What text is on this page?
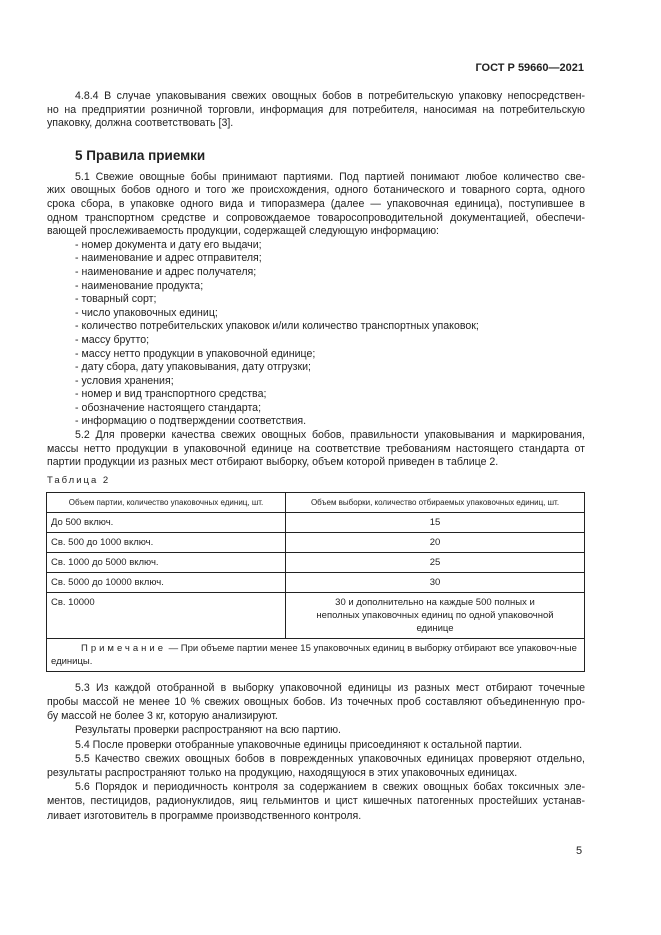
ГОСТ Р 59660—2021
4.8.4 В случае упаковывания свежих овощных бобов в потребительскую упаковку непосредствен-
но на предприятии розничной торговли, информация для потребителя, наносимая на потребительскую
упаковку, должна соответствовать [3].
5 Правила приемки
5.1 Свежие овощные бобы принимают партиями. Под партией понимают любое количество све-
жих овощных бобов одного и того же происхождения, одного ботанического и товарного сорта, одного
срока сбора, в упаковке одного вида и типоразмера (далее — упаковочная единица), поступившее в
одном транспортном средстве и сопровождаемое товаросопроводительной документацией, обеспечи-
вающей прослеживаемость продукции, содержащей следующую информацию:
- номер документа и дату его выдачи;
- наименование и адрес отправителя;
- наименование и адрес получателя;
- наименование продукта;
- товарный сорт;
- число упаковочных единиц;
- количество потребительских упаковок и/или количество транспортных упаковок;
- массу брутто;
- массу нетто продукции в упаковочной единице;
- дату сбора, дату упаковывания, дату отгрузки;
- условия хранения;
- номер и вид транспортного средства;
- обозначение настоящего стандарта;
- информацию о подтверждении соответствия.
5.2 Для проверки качества свежих овощных бобов, правильности упаковывания и маркирования,
массы нетто продукции в упаковочной единице на соответствие требованиям настоящего стандарта от
партии продукции из разных мест отбирают выборку, объем которой приведен в таблице 2.
Таблица 2
Объем партии, количество упаковочных единиц, шт.	Объем выборки, количество отбираемых упаковочных единиц, шт.
До 500 включ.	15
Св. 500 до 1000 включ.	20
Св. 1000 до 5000 включ.	25
Св. 5000 до 10000 включ.	30
Св. 10000	30 и дополнительно на каждые 500 полных и неполных упаковочных единиц по одной упаковочной единице
Примечание — При объеме партии менее 15 упаковочных единиц в выборку отбирают все упаковоч-ные единицы.	
5.3 Из каждой отобранной в выборку упаковочной единицы из разных мест отбирают точечные
пробы массой не менее 10 % свежих овощных бобов. Из точечных проб составляют объединенную про-
бу массой не более 3 кг, которую анализируют.
Результаты проверки распространяют на всю партию.
5.4 После проверки отобранные упаковочные единицы присоединяют к остальной партии.
5.5 Качество свежих овощных бобов в поврежденных упаковочных единицах проверяют отдельно,
результаты распространяют только на продукцию, находящуюся в этих упаковочных единицах.
5.6 Порядок и периодичность контроля за содержанием в свежих овощных бобах токсичных эле-
ментов, пестицидов, радионуклидов, яиц гельминтов и цист кишечных патогенных простейших устанав-
ливает изготовитель в программе производственного контроля.
5
